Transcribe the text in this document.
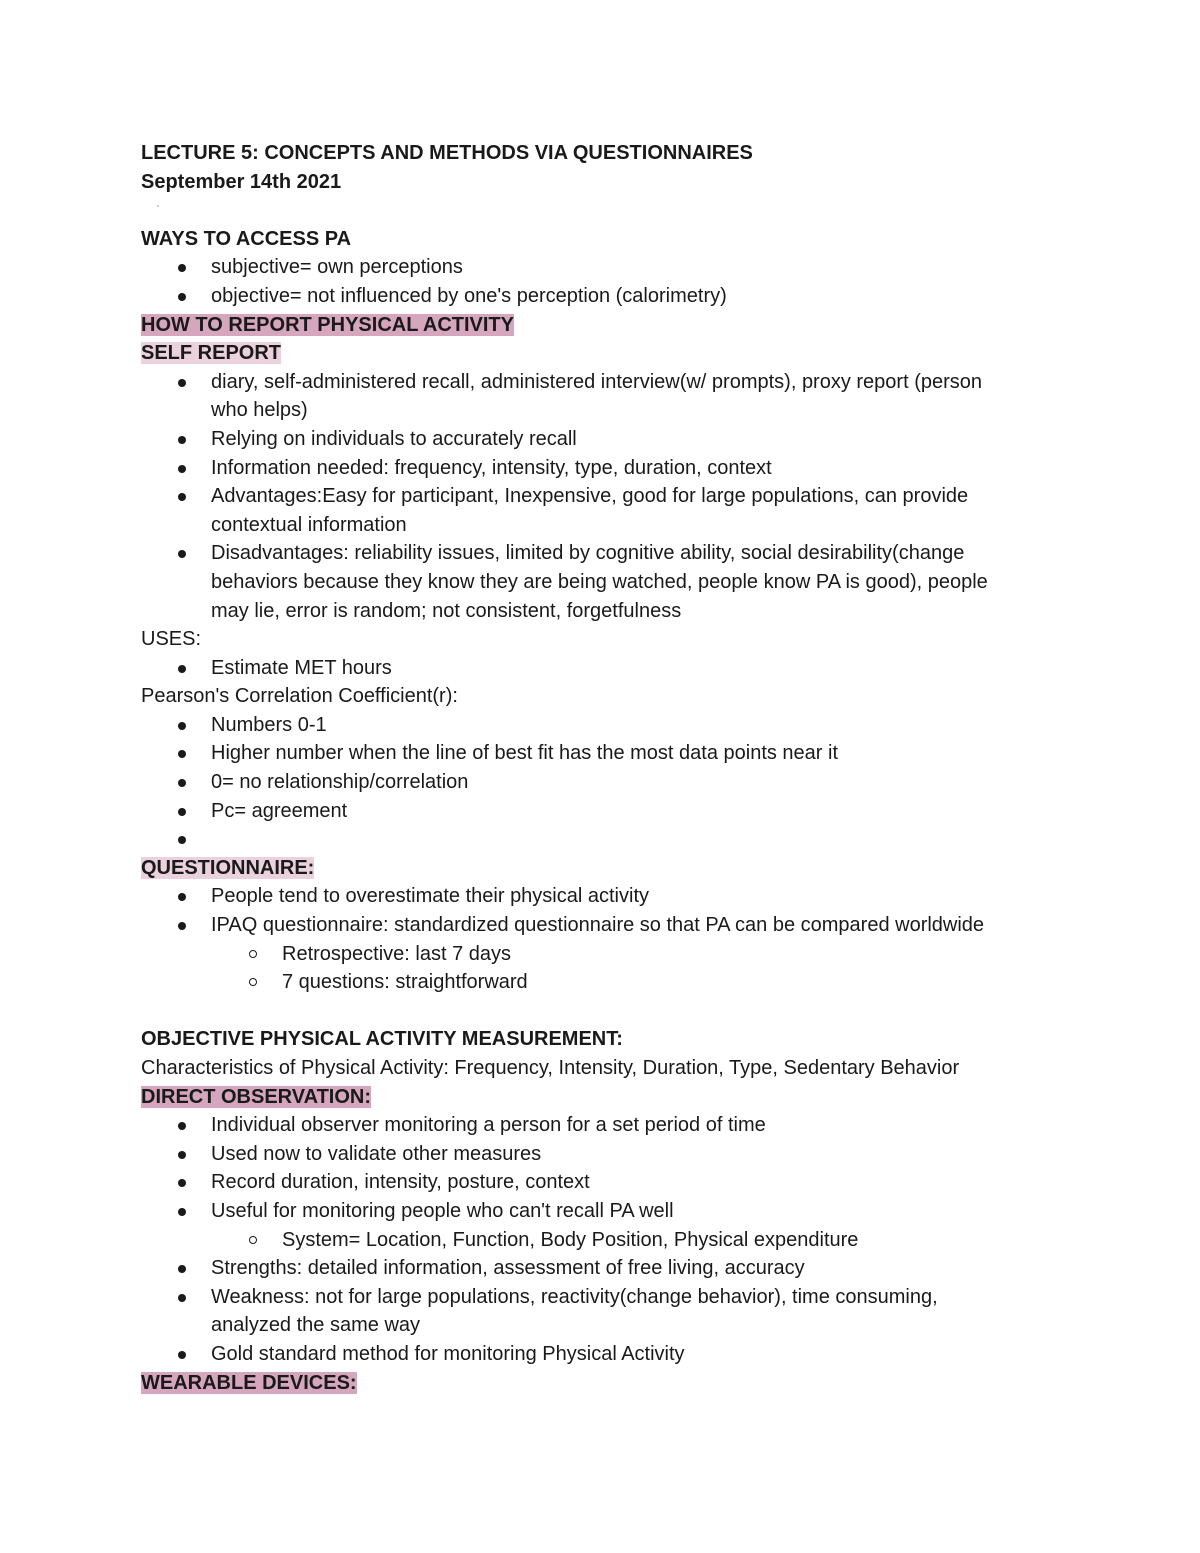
LECTURE 5: CONCEPTS AND METHODS VIA QUESTIONNAIRES
September 14th 2021
'
WAYS TO ACCESS PA
subjective= own perceptions
objective= not influenced by one's perception (calorimetry)
HOW TO REPORT PHYSICAL ACTIVITY
SELF REPORT
diary, self-administered recall, administered interview(w/ prompts), proxy report (person
who helps)
Relying on individuals to accurately recall
Information needed: frequency, intensity, type, duration, context
Advantages:Easy for participant, Inexpensive, good for large populations, can provide
contextual information
Disadvantages: reliability issues, limited by cognitive ability, social desirability(change
behaviors because they know they are being watched, people know PA is good), people
may lie, error is random; not consistent, forgetfulness
USES:
Estimate MET hours
Pearson's Correlation Coefficient(r):
Numbers 0-1
Higher number when the line of best fit has the most data points near it
0= no relationship/correlation
Pc= agreement

QUESTIONNAIRE:
People tend to overestimate their physical activity
IPAQ questionnaire: standardized questionnaire so that PA can be compared worldwide
Retrospective: last 7 days
7 questions: straightforward
OBJECTIVE PHYSICAL ACTIVITY MEASUREMENT:
Characteristics of Physical Activity: Frequency, Intensity, Duration, Type, Sedentary Behavior
DIRECT OBSERVATION:
Individual observer monitoring a person for a set period of time
Used now to validate other measures
Record duration, intensity, posture, context
Useful for monitoring people who can't recall PA well
System= Location, Function, Body Position, Physical expenditure
Strengths: detailed information, assessment of free living, accuracy
Weakness: not for large populations, reactivity(change behavior), time consuming,
analyzed the same way
Gold standard method for monitoring Physical Activity
WEARABLE DEVICES:
